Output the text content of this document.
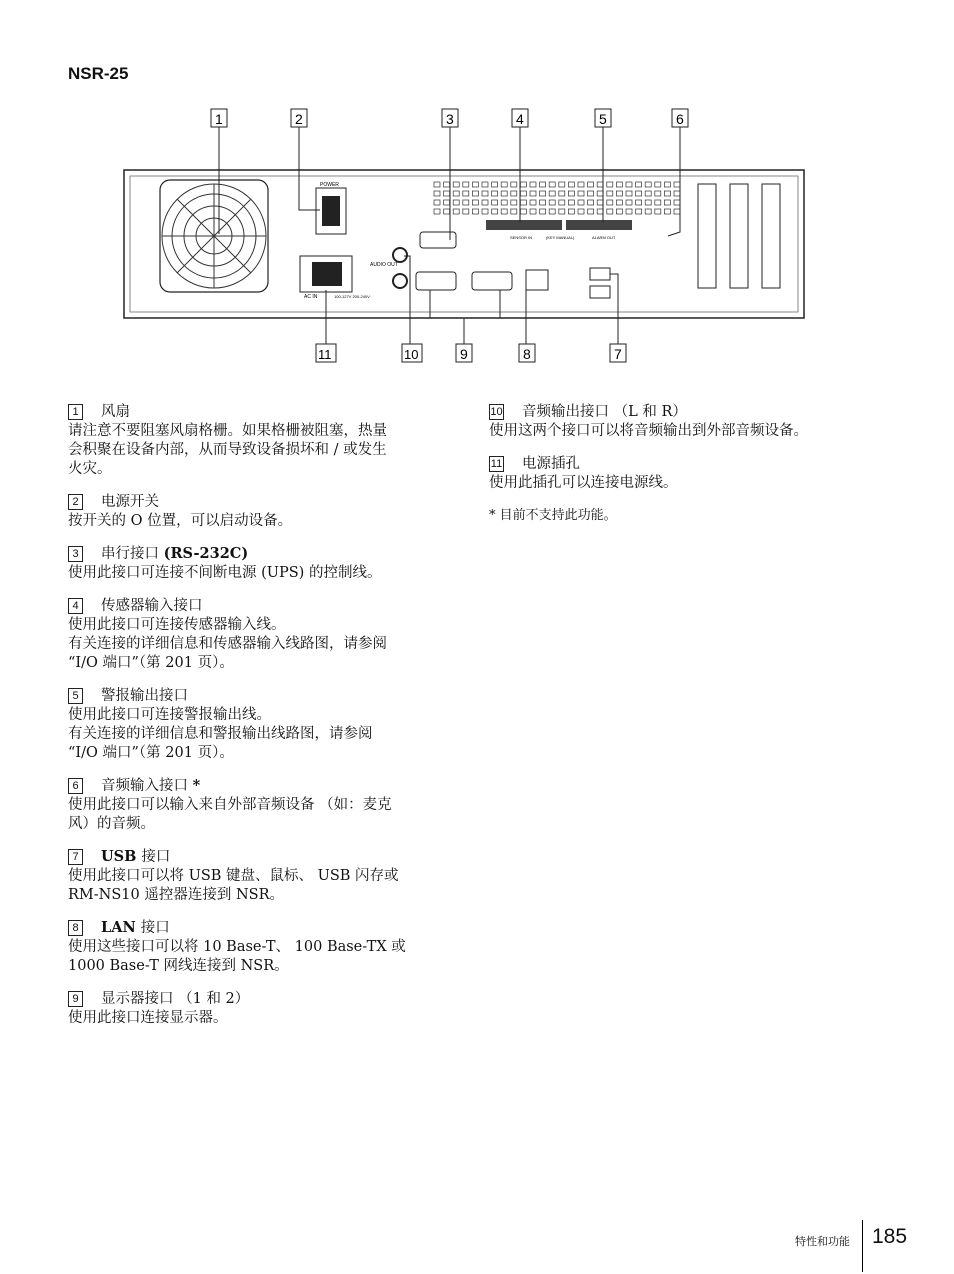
NSR-25
POWER
AC IN	100-127V 200-240V
AUDIO OUT
SENSOR IN	(KEY MANUAL)	ALARM OUT
1	2	3	4	5	6
11	10	9	8	7
1	风扇
请注意不要阻塞风扇格栅。如果格栅被阻塞，热量
会积聚在设备内部，从而导致设备损坏和 / 或发生
火灾。
2	电源开关
按开关的 O 位置，可以启动设备。
3	串行接口 (RS-232C)
使用此接口可连接不间断电源 (UPS) 的控制线。
4	传感器输入接口
使用此接口可连接传感器输入线。
有关连接的详细信息和传感器输入线路图，请参阅
“I/O 端口”（第 201 页）。
5	警报输出接口
使用此接口可连接警报输出线。
有关连接的详细信息和警报输出线路图，请参阅
“I/O 端口”（第 201 页）。
6	音频输入接口 *
使用此接口可以输入来自外部音频设备 （如：麦克
风）的音频。
7	USB 接口
使用此接口可以将 USB 键盘、鼠标、 USB 闪存或
RM-NS10 遥控器连接到 NSR。
8	LAN 接口
使用这些接口可以将 10 Base-T、 100 Base-TX 或
1000 Base-T 网线连接到 NSR。
9	显示器接口 （1 和 2）
使用此接口连接显示器。
10 音频输出接口 （L 和 R）
使用这两个接口可以将音频输出到外部音频设备。
11 电源插孔
使用此插孔可以连接电源线。
* 目前不支持此功能。
特性和功能 185
